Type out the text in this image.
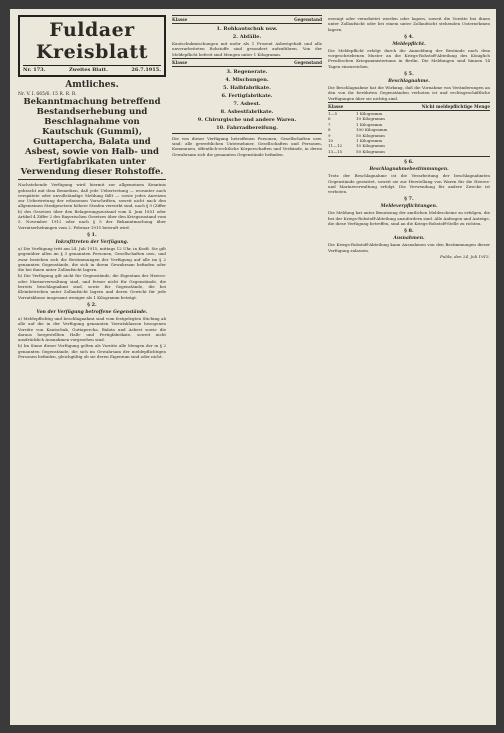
Fuldaer Kreisblatt
Nr. 173.	Zweites Blatt.	26.7.1915.
Amtliches.
Nr. V. I. 665/6. 15 R. R. R.
Bekanntmachung betreffend Bestandserhebung und Beschlagnahme von Kautschuk (Gummi), Guttapercha, Balata und Asbest, sowie von Halb- und Fertigfabrikaten unter Verwendung dieser Rohstoffe.
Nachstehende Verfügung wird hiermit zur allgemeinen Kenntnis gebracht mit dem Bemerken, daß jede Uebertretung — worunter auch verspätete oder unvollständige Meldung fällt — sowie jedes Anreizen zur Uebertretung der erlassenen Vorschriften, soweit nicht nach den allgemeinen Strafgesetzen höhere Strafen verwirkt sind, nach § 9 (Ziffer b) des Gesetzes über den Belagerungszustand vom 4. Juni 1851 oder Artikel 4 Ziffer 2 des Bayerischen Gesetzes über den Kriegszustand vom 5. November 1912 oder nach § 5 der Bekanntmachung über Vorratserhebungen vom 2. Februar 1915 bestraft wird.
§ 1.
Inkrafttreten der Verfügung.
a) Die Verfügung tritt am 24. Juli 1915, mittags 12 Uhr, in Kraft. Sie gilt gegenüber allen im § 3 genannten Personen, Gesellschaften usw., und zwar beziehen sich die Bestimmungen der Verfügung auf alle im § 2 genannten Gegenstände, die sich in ihrem Gewahrsam befinden oder die bei ihnen unter Zollaufsicht lagern.
b) Die Verfügung gilt nicht für Gegenstände, die Eigentum der Heeres- oder Marineverwaltung sind, und ferner nicht für Gegenstände, die bereits beschlagnahmt sind, sowie für Gegenstände, die bei Kleinbetrieben unter Zollaufsicht lagern und deren Gewicht für jede Vorratsklasse insgesamt weniger als 1 Kilogramm beträgt.
§ 2.
Von der Verfügung betroffene Gegenstände.
a) Meldepflichtig und beschlagnahmt sind vom festgelegten Stichtag ab alle auf die in der Verfügung genannten Vorratsklassen bezogenen Vorräte von Kautschuk, Guttapercha, Balata und Asbest sowie die daraus hergestellten Halb- und Fertigfabrikate, soweit nicht ausdrücklich Ausnahmen vorgesehen sind.
b) Im Sinne dieser Verfügung gelten als Vorräte alle Mengen der in § 2 genannten Gegenstände, die sich im Gewahrsam der meldepflichtigen Personen befinden, gleichgültig ob sie deren Eigentum sind oder nicht.
Klasse	Gegenstand
1. Rohkautschuk usw.
2. Abfälle.
Kautschukmischungen mit mehr als 1 Prozent Asbestgehalt und alle unverarbeiteten Rohstoffe sind gesondert aufzuführen. Von der Meldepflicht befreit sind Mengen unter 1 Kilogramm.
Klasse	Gegenstand
3. Regenerate.
4. Mischungen.
5. Halbfabrikate.
6. Fertigfabrikate.
7. Asbest.
8. Asbestfabrikate.
9. Chirurgische und andere Waren.
10. Fahrradbereifung.
Die von dieser Verfügung betroffenen Personen, Gesellschaften usw. sind: alle gewerblichen Unternehmer, Gesellschaften und Personen, Kommunen, öffentlich-rechtliche Körperschaften und Verbände, in deren Gewahrsam sich die genannten Gegenstände befinden.
erzeugt oder verarbeitet werden oder lagern, soweit die Vorräte bei ihnen unter Zollaufsicht oder bei einem unter Zollaufsicht stehenden Unternehmen lagern.
§ 4.
Meldepflicht.
Die Meldepflicht erfolgt durch die Anmeldung der Bestände nach dem vorgeschriebenen Muster an die Kriegs-Rohstoff-Abteilung des Königlich Preußischen Kriegsministeriums in Berlin. Die Meldungen sind binnen 14 Tagen einzureichen.
§ 5.
Beschlagnahme.
Die Beschlagnahme hat die Wirkung, daß die Vornahme von Veränderungen an den von ihr berührten Gegenständen verboten ist und rechtsgeschäftliche Verfügungen über sie nichtig sind.
Klasse	Nicht meldepflichtige Menge
1—5	1 Kilogramm
6	10 Kilogramm
7	1 Kilogramm
8	100 Kilogramm
9	50 Kilogramm
10	1 Kilogramm
11—12	10 Kilogramm
13—15	50 Kilogramm
§ 6.
Beschlagnahmebestimmungen.
Trotz der Beschlagnahme ist die Verarbeitung der beschlagnahmten Gegenstände gestattet, soweit sie zur Herstellung von Waren für die Heeres- und Marineverwaltung erfolgt. Die Verwendung für andere Zwecke ist verboten.
§ 7.
Meldeverpflichtungen.
Die Meldung hat unter Benutzung der amtlichen Meldescheine zu erfolgen, die bei der Kriegs-Rohstoff-Abteilung anzufordern sind. Alle Anfragen und Anträge, die diese Verfügung betreffen, sind an die Kriegs-Rohstoff-Stelle zu richten.
§ 8.
Ausnahmen.
Die Kriegs-Rohstoff-Abteilung kann Ausnahmen von den Bestimmungen dieser Verfügung zulassen.
Fulda, den 24. Juli 1915.
